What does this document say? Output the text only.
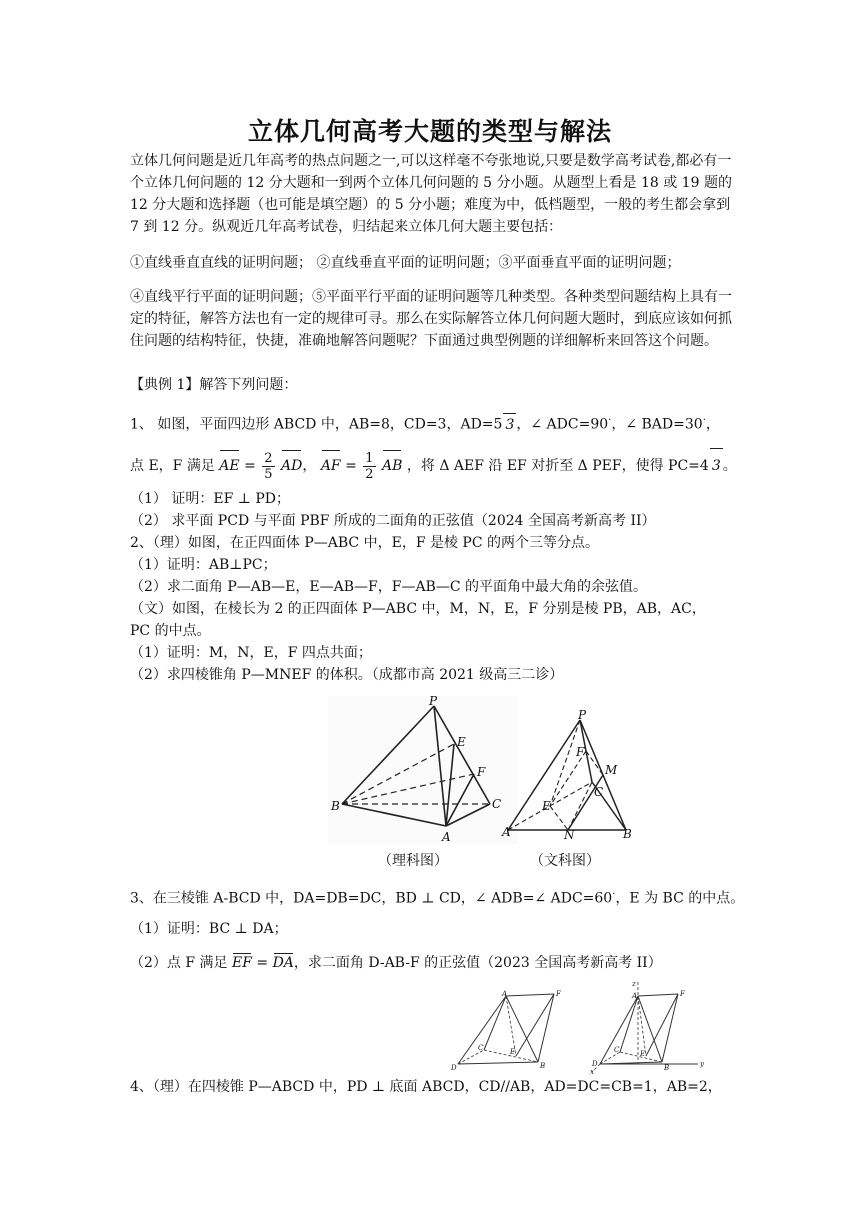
立体几何高考大题的类型与解法

立体几何问题是近几年高考的热点问题之一,可以这样毫不夸张地说,只要是数学高考试卷,都必有一个立体几何问题的 12 分大题和一到两个立体几何问题的 5 分小题。从题型上看是 18 或 19 题的 12 分大题和选择题（也可能是填空题）的 5 分小题；难度为中，低档题型，一般的考生都会拿到 7 到 12 分。纵观近几年高考试卷，归结起来立体几何大题主要包括：

①直线垂直直线的证明问题； ②直线垂直平面的证明问题；③平面垂直平面的证明问题；

④直线平行平面的证明问题；⑤平面平行平面的证明问题等几种类型。各种类型问题结构上具有一定的特征，解答方法也有一定的规律可寻。那么在实际解答立体几何问题大题时，到底应该如何抓住问题的结构特征，快捷，准确地解答问题呢？下面通过典型例题的详细解析来回答这个问题。

【典例 1】解答下列问题：
1、 如图，平面四边形 ABCD 中，AB=8，CD=3，AD=5 3 ，∠ ADC=90·，∠ BAD=30·，
点 E，F 满足 AE = $\frac{2}{5}$ AD， AF = $\frac{1}{2}$ AB ，将 Δ AEF 沿 EF 对折至 Δ PEF，使得 PC=4 3 。
（1） 证明：EF ⊥ PD；
（2） 求平面 PCD 与平面 PBF 所成的二面角的正弦值（2024 全国高考新高考 II）
2、（理）如图，在正四面体 P—ABC 中，E，F 是棱 PC 的两个三等分点。
（1）证明：AB⊥PC；
（2）求二面角 P—AB—E，E—AB—F，F—AB—C 的平面角中最大角的余弦值。
（文）如图，在棱长为 2 的正四面体 P—ABC 中，M，N，E，F 分别是棱 PB，AB，AC，
PC 的中点。
（1）证明：M，N，E，F 四点共面；
（2）求四棱锥角 P—MNEF 的体积。（成都市高 2021 级高三二诊）
P
E
F
B	C
A
P
F
M
E
C
A	N	B
（理科图）	（文科图）
3、在三棱锥 A-BCD 中，DA=DB=DC，BD ⊥ CD，∠ ADB=∠ ADC=60·，E 为 BC 的中点。
（1）证明：BC ⊥ DA；
（2）点 F 满足 EF = DA，求二面角 D-AB-F 的正弦值（2023 全国高考新高考 II）
A	F
D
C	E
B
z
A	F
D
C	E
B
x
y
4、（理）在四棱锥 P—ABCD 中，PD ⊥ 底面 ABCD，CD//AB，AD=DC=CB=1，AB=2，
